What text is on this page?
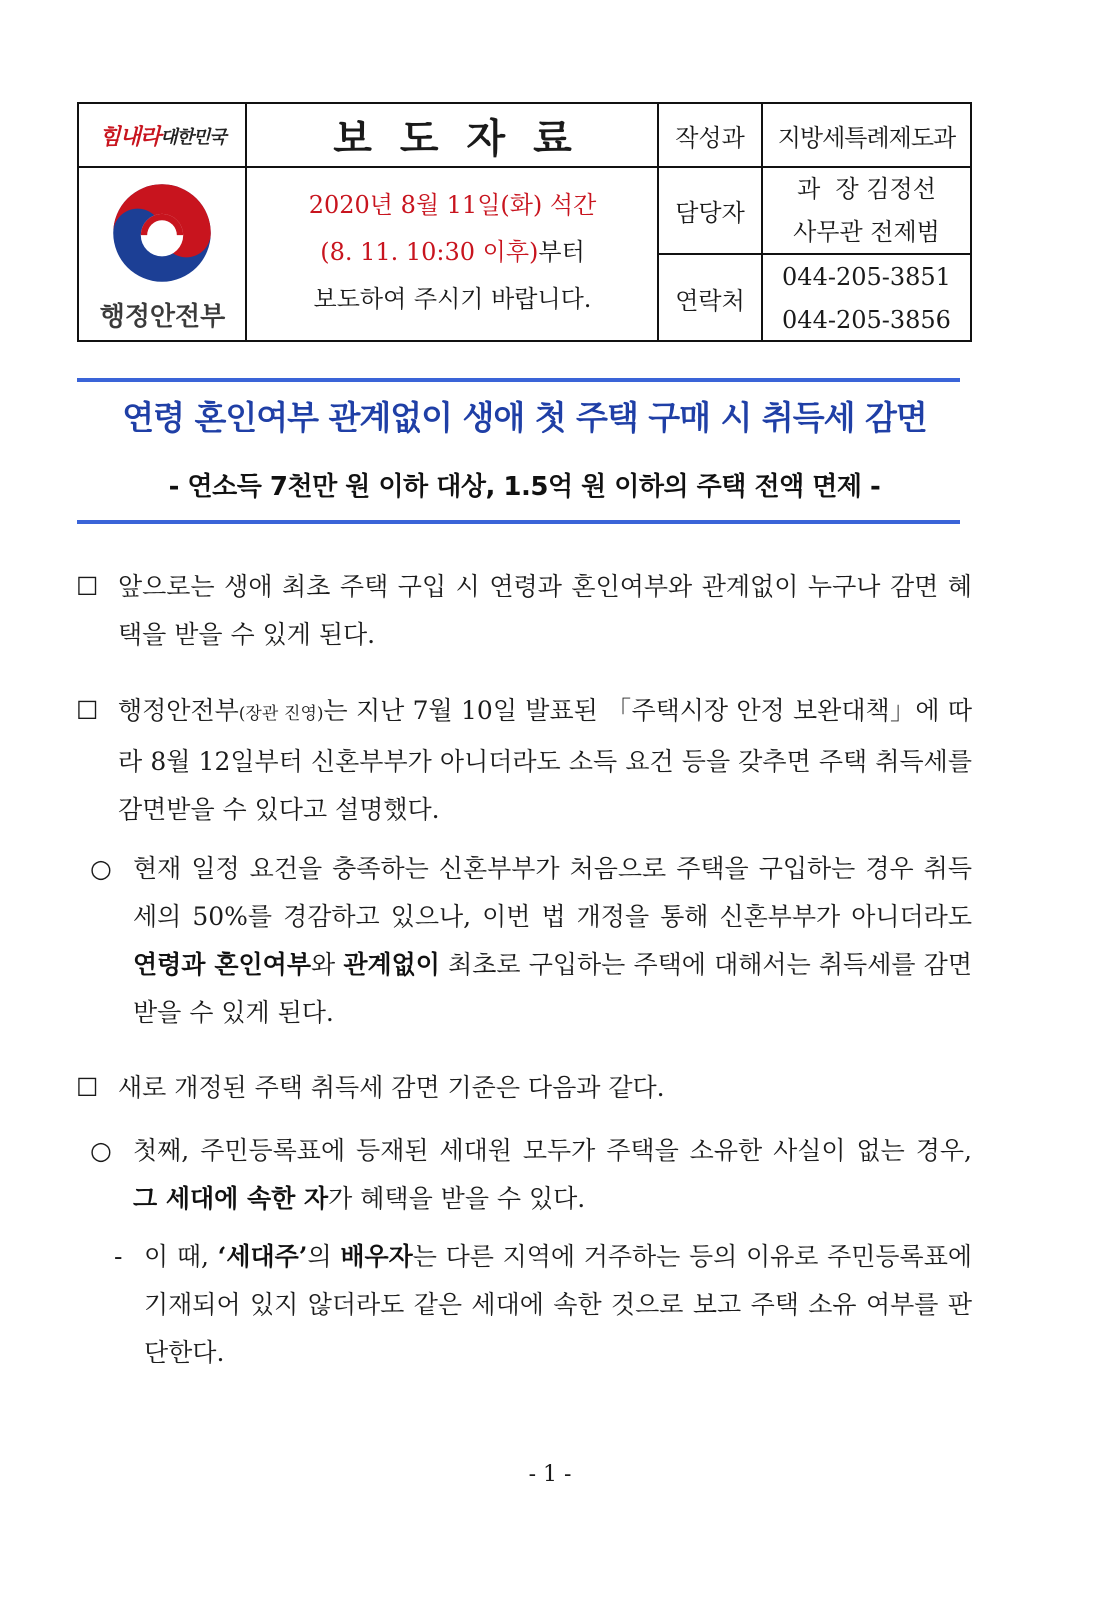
힘내라 대한민국
행정안전부
보도자료
2020년 8월 11일(화) 석간
(8. 11. 10:30 이후)부터
보도하여 주시기 바랍니다.
작성과	지방세특례제도과
담당자
과  장 김정선
사무관 전제범
연락처
044-205-3851
044-205-3856
연령 혼인여부 관계없이 생애 첫 주택 구매 시 취득세 감면
- 연소득 7천만 원 이하 대상, 1.5억 원 이하의 주택 전액 면제 -
☐ 앞으로는 생애 최초 주택 구입 시 연령과 혼인여부와 관계없이 누구나 감면 혜택을 받을 수 있게 된다.
☐ 행정안전부(장관 진영)는 지난 7월 10일 발표된 「주택시장 안정 보완대책」에 따라 8월 12일부터 신혼부부가 아니더라도 소득 요건 등을 갖추면 주택 취득세를 감면받을 수 있다고 설명했다.
○ 현재 일정 요건을 충족하는 신혼부부가 처음으로 주택을 구입하는 경우 취득세의 50%를 경감하고 있으나, 이번 법 개정을 통해 신혼부부가 아니더라도 연령과 혼인여부와 관계없이 최초로 구입하는 주택에 대해서는 취득세를 감면받을 수 있게 된다.
☐ 새로 개정된 주택 취득세 감면 기준은 다음과 같다.
○ 첫째, 주민등록표에 등재된 세대원 모두가 주택을 소유한 사실이 없는 경우, 그 세대에 속한 자가 혜택을 받을 수 있다.
- 이 때, ‘세대주’의 배우자는 다른 지역에 거주하는 등의 이유로 주민등록표에 기재되어 있지 않더라도 같은 세대에 속한 것으로 보고 주택 소유 여부를 판단한다.
- 1 -
